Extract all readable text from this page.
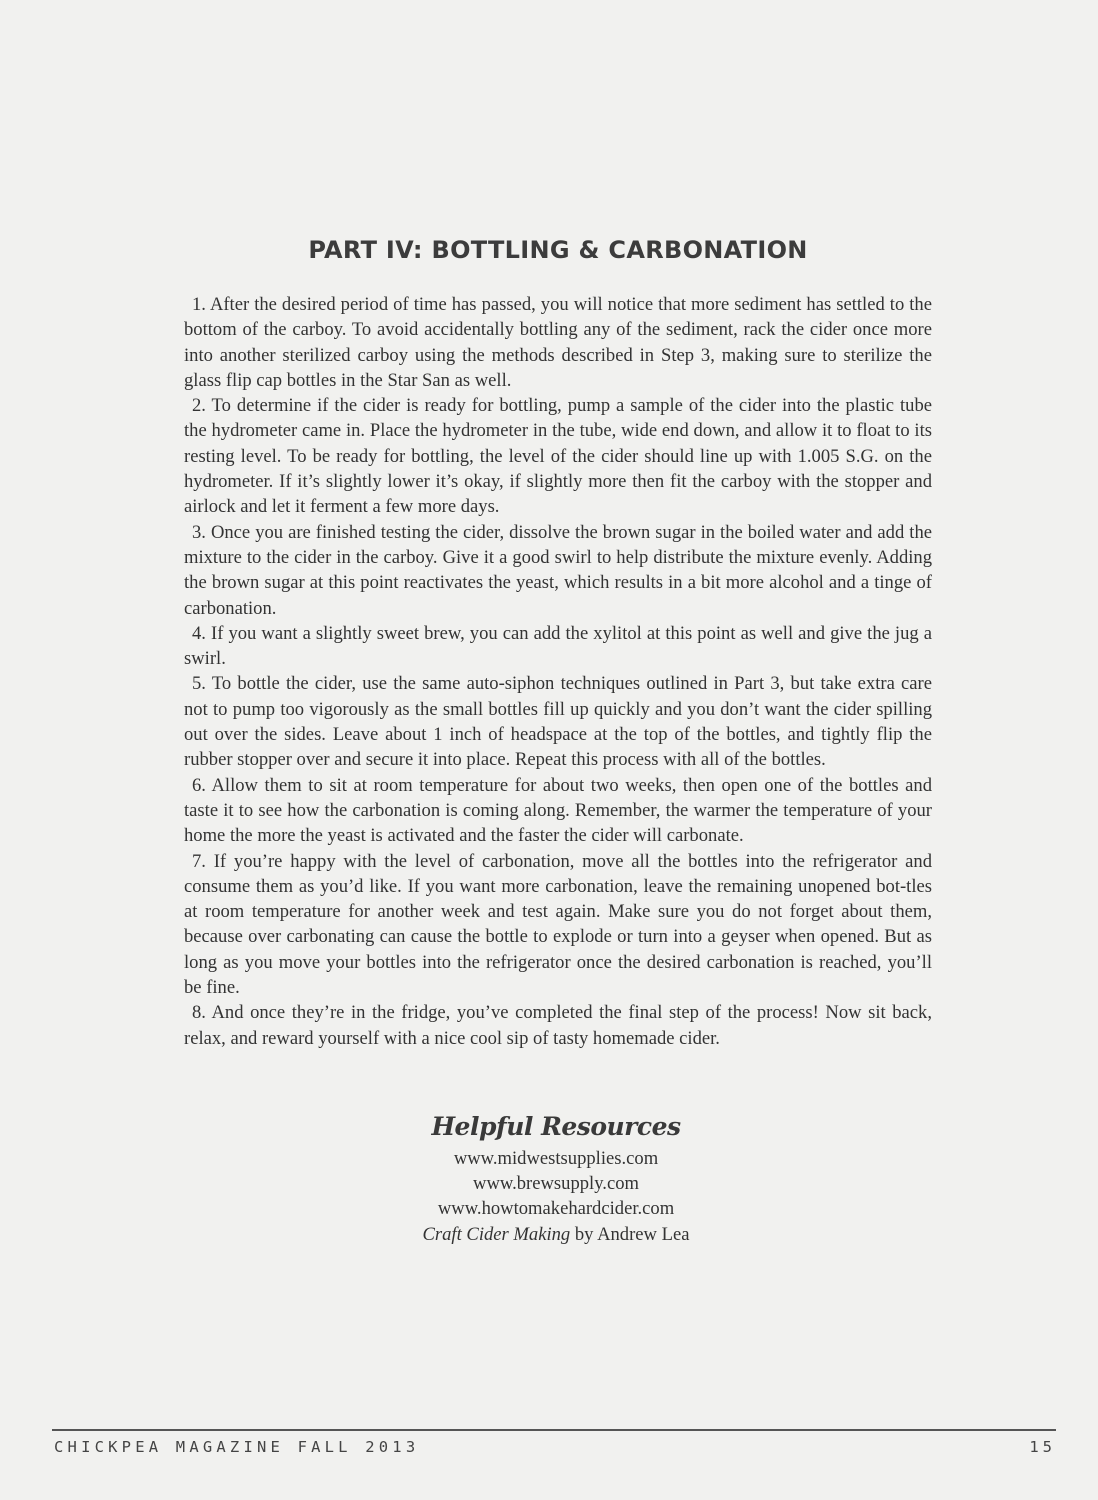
PART IV: BOTTLING & CARBONATION

1. After the desired period of time has passed, you will notice that more sediment has settled to the bottom of the carboy. To avoid accidentally bottling any of the sediment, rack the cider once more into another sterilized carboy using the methods described in Step 3, making sure to sterilize the glass flip cap bottles in the Star San as well.

2. To determine if the cider is ready for bottling, pump a sample of the cider into the plastic tube the hydrometer came in. Place the hydrometer in the tube, wide end down, and allow it to float to its resting level. To be ready for bottling, the level of the cider should line up with 1.005 S.G. on the hydrometer. If it’s slightly lower it’s okay, if slightly more then fit the carboy with the stopper and airlock and let it ferment a few more days.

3. Once you are finished testing the cider, dissolve the brown sugar in the boiled water and add the mixture to the cider in the carboy. Give it a good swirl to help distribute the mixture evenly. Adding the brown sugar at this point reactivates the yeast, which results in a bit more alcohol and a tinge of carbonation.

4. If you want a slightly sweet brew, you can add the xylitol at this point as well and give the jug a swirl.

5. To bottle the cider, use the same auto-siphon techniques outlined in Part 3, but take extra care not to pump too vigorously as the small bottles fill up quickly and you don’t want the cider spilling out over the sides. Leave about 1 inch of headspace at the top of the bottles, and tightly flip the rubber stopper over and secure it into place. Repeat this process with all of the bottles.

6. Allow them to sit at room temperature for about two weeks, then open one of the bottles and taste it to see how the carbonation is coming along. Remember, the warmer the temperature of your home the more the yeast is activated and the faster the cider will carbonate.

7. If you’re happy with the level of carbonation, move all the bottles into the refrigerator and consume them as you’d like. If you want more carbonation, leave the remaining unopened bot-tles at room temperature for another week and test again. Make sure you do not forget about them, because over carbonating can cause the bottle to explode or turn into a geyser when opened. But as long as you move your bottles into the refrigerator once the desired carbonation is reached, you’ll be fine.

8. And once they’re in the fridge, you’ve completed the final step of the process! Now sit back, relax, and reward yourself with a nice cool sip of tasty homemade cider.

Helpful Resources
www.midwestsupplies.com
www.brewsupply.com
www.howtomakehardcider.com
Craft Cider Making by Andrew Lea
CHICKPEA MAGAZINE FALL 2013	15
